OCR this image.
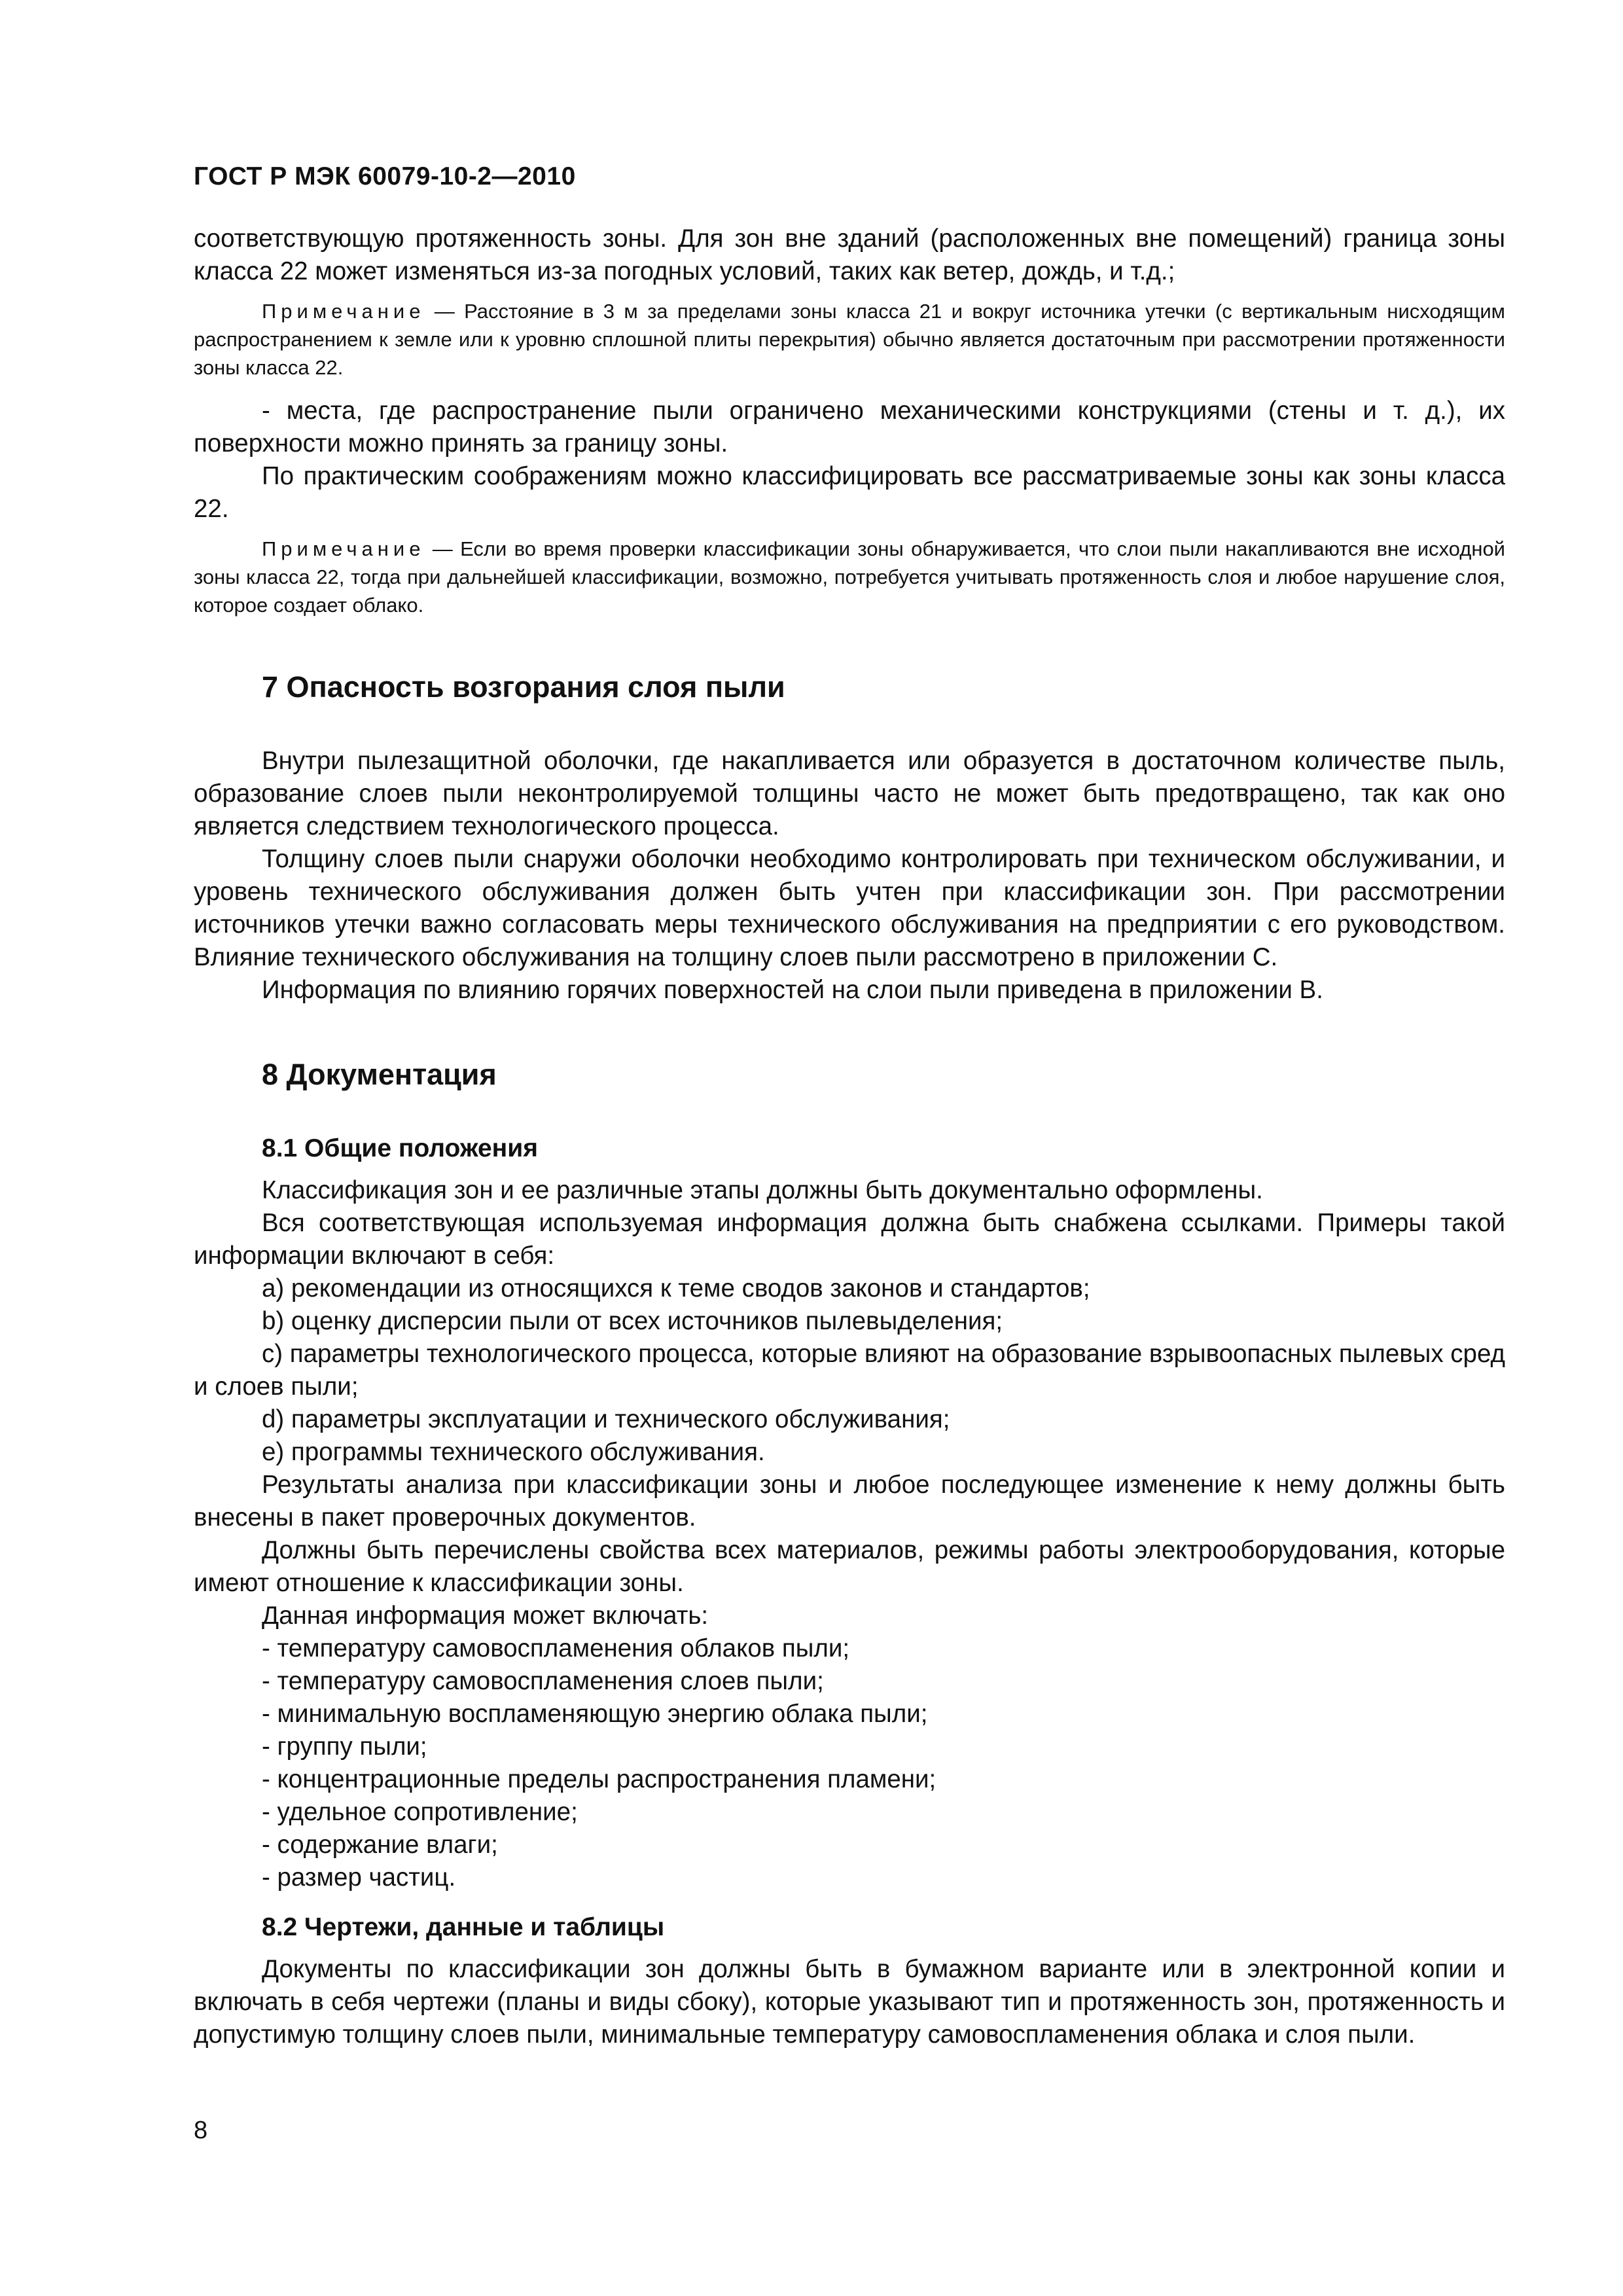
ГОСТ Р МЭК 60079-10-2—2010

соответствующую протяженность зоны. Для зон вне зданий (расположенных вне помещений) граница зоны класса 22 может изменяться из-за погодных условий, таких как ветер, дождь, и т.д.;

Примечание — Расстояние в 3 м за пределами зоны класса 21 и вокруг источника утечки (с вертикальным нисходящим распространением к земле или к уровню сплошной плиты перекрытия) обычно является достаточным при рассмотрении протяженности зоны класса 22.

- места, где распространение пыли ограничено механическими конструкциями (стены и т. д.), их поверхности можно принять за границу зоны.

По практическим соображениям можно классифицировать все рассматриваемые зоны как зоны класса 22.

Примечание — Если во время проверки классификации зоны обнаруживается, что слои пыли накапливаются вне исходной зоны класса 22, тогда при дальнейшей классификации, возможно, потребуется учитывать протяженность слоя и любое нарушение слоя, которое создает облако.

7 Опасность возгорания слоя пыли

Внутри пылезащитной оболочки, где накапливается или образуется в достаточном количестве пыль, образование слоев пыли неконтролируемой толщины часто не может быть предотвращено, так как оно является следствием технологического процесса.

Толщину слоев пыли снаружи оболочки необходимо контролировать при техническом обслуживании, и уровень технического обслуживания должен быть учтен при классификации зон. При рассмотрении источников утечки важно согласовать меры технического обслуживания на предприятии с его руководством. Влияние технического обслуживания на толщину слоев пыли рассмотрено в приложении С.

Информация по влиянию горячих поверхностей на слои пыли приведена в приложении В.

8 Документация
8.1 Общие положения

Классификация зон и ее различные этапы должны быть документально оформлены.

Вся соответствующая используемая информация должна быть снабжена ссылками. Примеры такой информации включают в себя:

a) рекомендации из относящихся к теме сводов законов и стандартов;

b) оценку дисперсии пыли от всех источников пылевыделения;

c) параметры технологического процесса, которые влияют на образование взрывоопасных пылевых сред и слоев пыли;

d) параметры эксплуатации и технического обслуживания;

e) программы технического обслуживания.

Результаты анализа при классификации зоны и любое последующее изменение к нему должны быть внесены в пакет проверочных документов.

Должны быть перечислены свойства всех материалов, режимы работы электрооборудования, которые имеют отношение к классификации зоны.

Данная информация может включать:

- температуру самовоспламенения облаков пыли;

- температуру самовоспламенения слоев пыли;

- минимальную воспламеняющую энергию облака пыли;

- группу пыли;

- концентрационные пределы распространения пламени;

- удельное сопротивление;

- содержание влаги;

- размер частиц.

8.2 Чертежи, данные и таблицы

Документы по классификации зон должны быть в бумажном варианте или в электронной копии и включать в себя чертежи (планы и виды сбоку), которые указывают тип и протяженность зон, протяженность и допустимую толщину слоев пыли, минимальные температуру самовоспламенения облака и слоя пыли.

8
